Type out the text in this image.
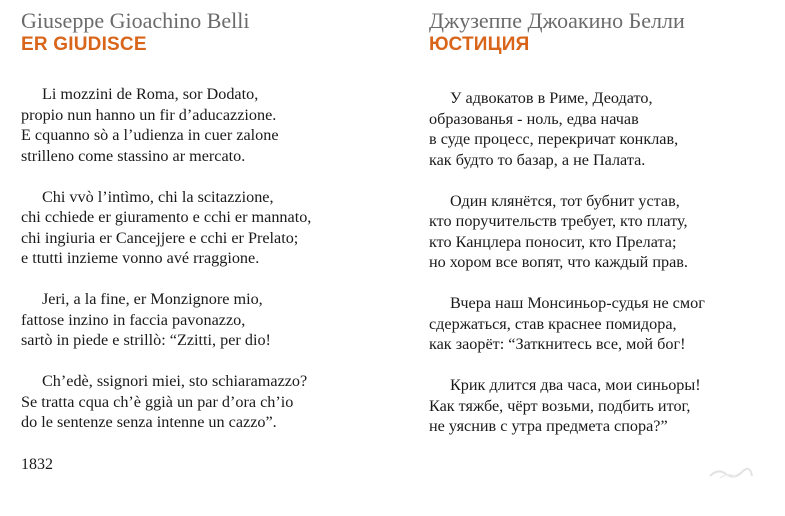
Giuseppe Gioachino Belli
ER GIUDISCE
Джузеппе Джоакино Белли
ЮСТИЦИЯ
Li mozzini de Roma, sor Dodato,
propio nun hanno un fir d’aducazzione.
E cquanno sò a l’udienza in cuer zalone
strilleno come stassino ar mercato.
Chi vvò l’intìmo, chi la scitazzione,
chi cchiede er giuramento e cchi er mannato,
chi ingiuria er Cancejjere e cchi er Prelato;
e ttutti inzieme vonno avé rraggione.
Jeri, a la fine, er Monzignore mio,
fattose inzino in faccia pavonazzo,
sartò in piede e strillò: “Zzitti, per dio!
Ch’edè, ssignori miei, sto schiaramazzo?
Se tratta cqua ch’è ggià un par d’ora ch’io
do le sentenze senza intenne un cazzo”.
У адвокатов в Риме, Деодато,
образованья - ноль, едва начав
в суде процесс, перекричат конклав,
как будто то базар, а не Палата.
Один клянётся, тот бубнит устав,
кто поручительств требует, кто плату,
кто Канцлера поносит, кто Прелата;
но хором все вопят, что каждый прав.
Вчера наш Монсиньор-судья не смог
сдержаться, став краснее помидора,
как заорёт: “Заткнитесь все, мой бог!
Крик длится два часа, мои синьоры!
Как тяжбе, чёрт возьми, подбить итог,
не уяснив с утра предмета спора?”
1832
